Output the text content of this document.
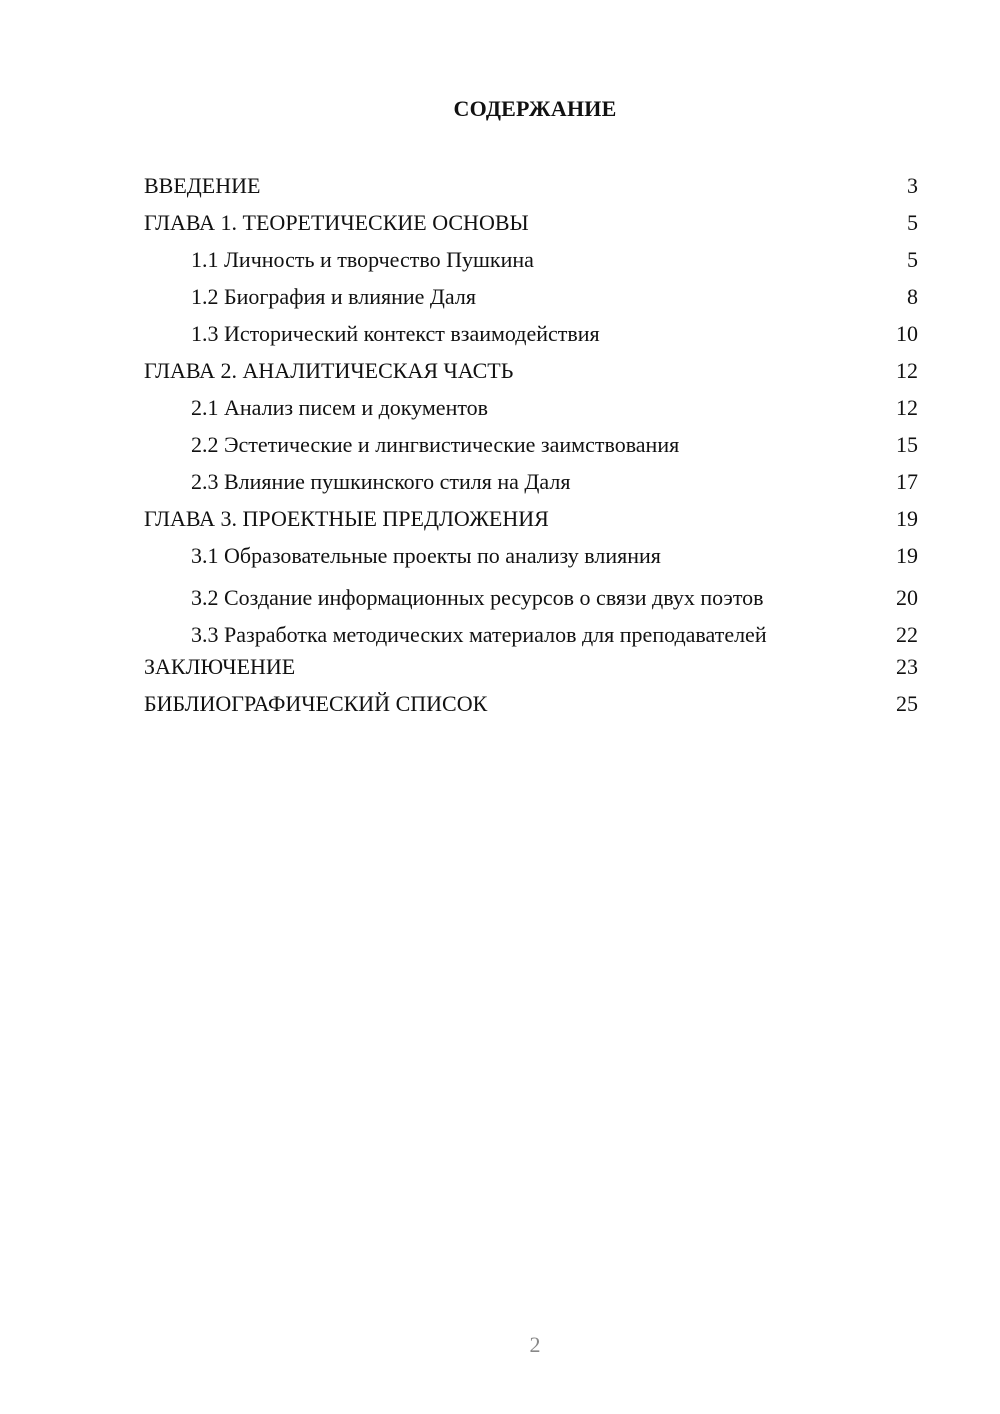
СОДЕРЖАНИЕ
ВВЕДЕНИЕ	3
ГЛАВА 1. ТЕОРЕТИЧЕСКИЕ ОСНОВЫ	5
1.1 Личность и творчество Пушкина	5
1.2 Биография и влияние Даля	8
1.3 Исторический контекст взаимодействия	10
ГЛАВА 2. АНАЛИТИЧЕСКАЯ ЧАСТЬ	12
2.1 Анализ писем и документов	12
2.2 Эстетические и лингвистические заимствования	15
2.3 Влияние пушкинского стиля на Даля	17
ГЛАВА 3. ПРОЕКТНЫЕ ПРЕДЛОЖЕНИЯ	19
3.1 Образовательные проекты по анализу влияния	19
3.2 Создание информационных ресурсов о связи двух поэтов	20
3.3 Разработка методических материалов для преподавателей	22
ЗАКЛЮЧЕНИЕ	23
БИБЛИОГРАФИЧЕСКИЙ СПИСОК	25
2
